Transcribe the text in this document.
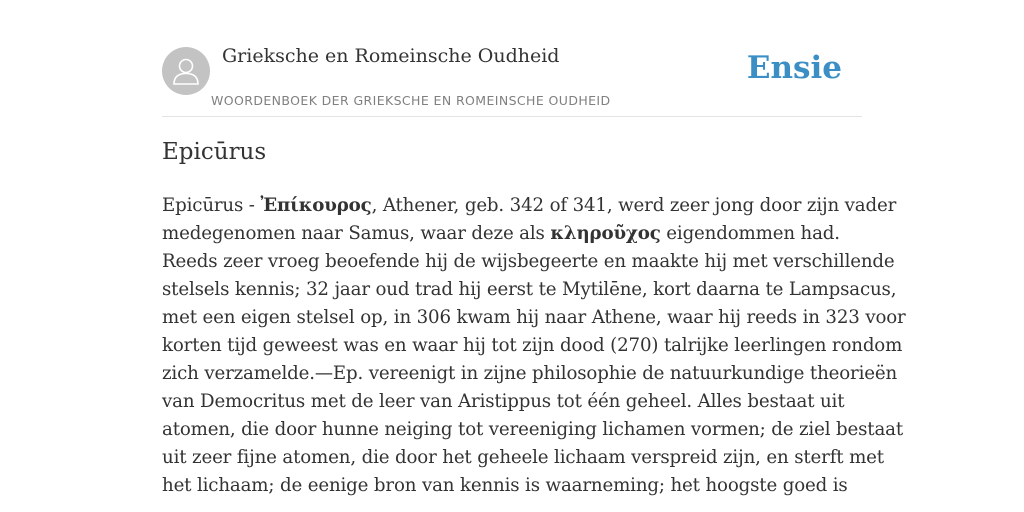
Grieksche en Romeinsche Oudheid
WOORDENBOEK DER GRIEKSCHE EN ROMEINSCHE OUDHEID
Ensie
Epicūrus
Epicūrus - Ἐπίκουρος, Athener, geb. 342 of 341, werd zeer jong door zijn vader
medegenomen naar Samus, waar deze als κληροῦχος eigendommen had.
Reeds zeer vroeg beoefende hij de wijsbegeerte en maakte hij met verschillende
stelsels kennis; 32 jaar oud trad hij eerst te Mytilēne, kort daarna te Lampsacus,
met een eigen stelsel op, in 306 kwam hij naar Athene, waar hij reeds in 323 voor
korten tijd geweest was en waar hij tot zijn dood (270) talrijke leerlingen rondom
zich verzamelde.—Ep. vereenigt in zijne philosophie de natuurkundige theorieën
van Democritus met de leer van Aristippus tot één geheel. Alles bestaat uit
atomen, die door hunne neiging tot vereeniging lichamen vormen; de ziel bestaat
uit zeer fijne atomen, die door het geheele lichaam verspreid zijn, en sterft met
het lichaam; de eenige bron van kennis is waarneming; het hoogste goed is
